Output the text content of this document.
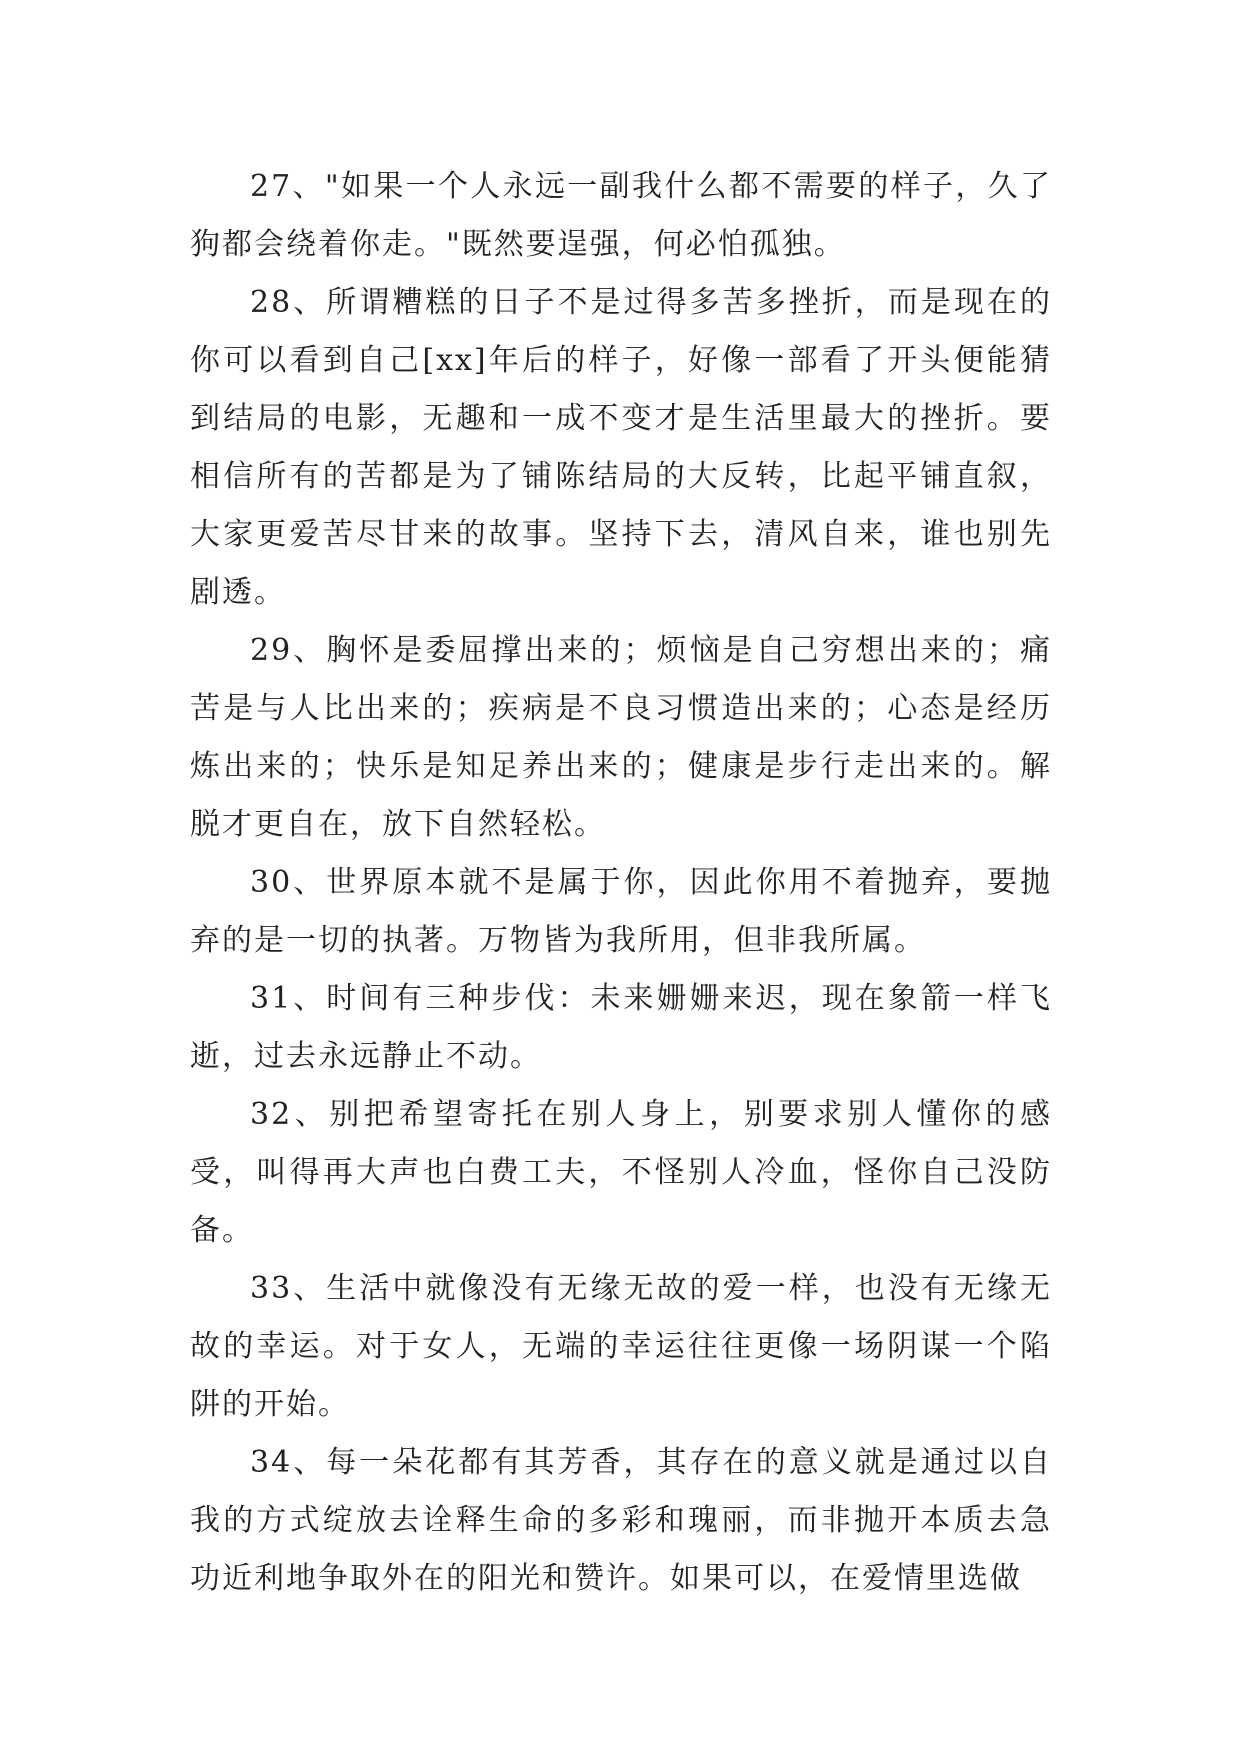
27、"如果一个人永远一副我什么都不需要的样子，久了狗都会绕着你走。"既然要逞强，何必怕孤独。

28、所谓糟糕的日子不是过得多苦多挫折，而是现在的你可以看到自己[xx]年后的样子，好像一部看了开头便能猜到结局的电影，无趣和一成不变才是生活里最大的挫折。要相信所有的苦都是为了铺陈结局的大反转，比起平铺直叙，大家更爱苦尽甘来的故事。坚持下去，清风自来，谁也别先剧透。

29、胸怀是委屈撑出来的；烦恼是自己穷想出来的；痛苦是与人比出来的；疾病是不良习惯造出来的；心态是经历炼出来的；快乐是知足养出来的；健康是步行走出来的。解脱才更自在，放下自然轻松。

30、世界原本就不是属于你，因此你用不着抛弃，要抛弃的是一切的执著。万物皆为我所用，但非我所属。

31、时间有三种步伐：未来姗姗来迟，现在象箭一样飞逝，过去永远静止不动。

32、别把希望寄托在别人身上，别要求别人懂你的感受，叫得再大声也白费工夫，不怪别人冷血，怪你自己没防备。

33、生活中就像没有无缘无故的爱一样，也没有无缘无故的幸运。对于女人，无端的幸运往往更像一场阴谋一个陷阱的开始。

34、每一朵花都有其芳香，其存在的意义就是通过以自我的方式绽放去诠释生命的多彩和瑰丽，而非抛开本质去急功近利地争取外在的阳光和赞许。如果可以，在爱情里选做
